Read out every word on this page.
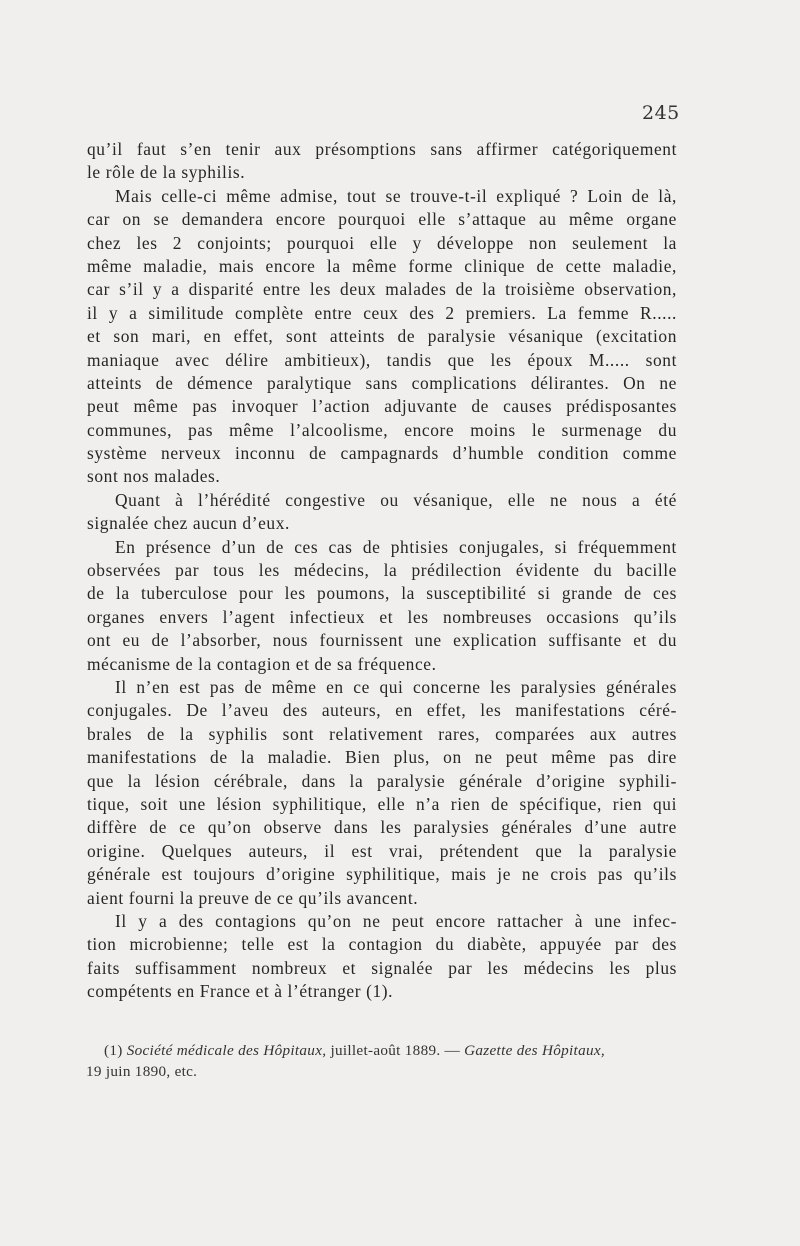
245
qu’il faut s’en tenir aux présomptions sans affirmer catégoriquement
le rôle de la syphilis.
Mais celle-ci même admise, tout se trouve-t-il expliqué ? Loin de là,
car on se demandera encore pourquoi elle s’attaque au même organe
chez les 2 conjoints; pourquoi elle y développe non seulement la
même maladie, mais encore la même forme clinique de cette maladie,
car s’il y a disparité entre les deux malades de la troisième observation,
il y a similitude complète entre ceux des 2 premiers. La femme R.....
et son mari, en effet, sont atteints de paralysie vésanique (excitation
maniaque avec délire ambitieux), tandis que les époux M..... sont
atteints de démence paralytique sans complications délirantes. On ne
peut même pas invoquer l’action adjuvante de causes prédisposantes
communes, pas même l’alcoolisme, encore moins le surmenage du
système nerveux inconnu de campagnards d’humble condition comme
sont nos malades.
Quant à l’hérédité congestive ou vésanique, elle ne nous a été
signalée chez aucun d’eux.
En présence d’un de ces cas de phtisies conjugales, si fréquemment
observées par tous les médecins, la prédilection évidente du bacille
de la tuberculose pour les poumons, la susceptibilité si grande de ces
organes envers l’agent infectieux et les nombreuses occasions qu’ils
ont eu de l’absorber, nous fournissent une explication suffisante et du
mécanisme de la contagion et de sa fréquence.
Il n’en est pas de même en ce qui concerne les paralysies générales
conjugales. De l’aveu des auteurs, en effet, les manifestations céré-
brales de la syphilis sont relativement rares, comparées aux autres
manifestations de la maladie. Bien plus, on ne peut même pas dire
que la lésion cérébrale, dans la paralysie générale d’origine syphili-
tique, soit une lésion syphilitique, elle n’a rien de spécifique, rien qui
diffère de ce qu’on observe dans les paralysies générales d’une autre
origine. Quelques auteurs, il est vrai, prétendent que la paralysie
générale est toujours d’origine syphilitique, mais je ne crois pas qu’ils
aient fourni la preuve de ce qu’ils avancent.
Il y a des contagions qu’on ne peut encore rattacher à une infec-
tion microbienne; telle est la contagion du diabète, appuyée par des
faits suffisamment nombreux et signalée par les médecins les plus
compétents en France et à l’étranger (1).
(1) Société médicale des Hôpitaux, juillet-août 1889. — Gazette des Hôpitaux,
19 juin 1890, etc.
